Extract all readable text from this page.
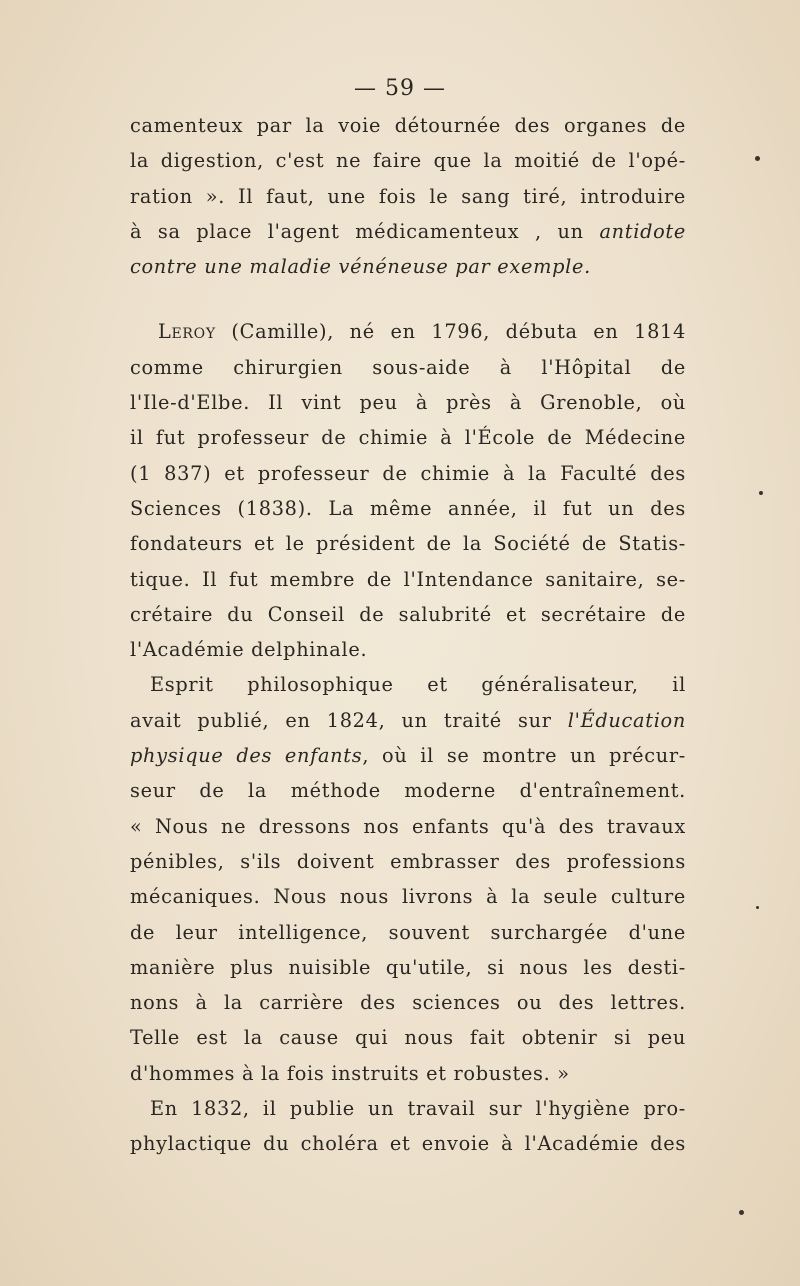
— 59 —

camenteux par la voie détournée des organes de
la digestion, c'est ne faire que la moitié de l'opé-
ration ». Il faut, une fois le sang tiré, introduire
à sa place l'agent médicamenteux , un antidote
contre une maladie vénéneuse par exemple.
Leroy (Camille), né en 1796, débuta en 1814
comme chirurgien sous-aide à l'Hôpital de
l'Ile-d'Elbe. Il vint peu à près à Grenoble, où
il fut professeur de chimie à l'École de Médecine
(1 837) et professeur de chimie à la Faculté des
Sciences (1838). La même année, il fut un des
fondateurs et le président de la Société de Statis-
tique. Il fut membre de l'Intendance sanitaire, se-
crétaire du Conseil de salubrité et secrétaire de
l'Académie delphinale.
Esprit philosophique et généralisateur, il
avait publié, en 1824, un traité sur l'Éducation
physique des enfants, où il se montre un précur-
seur de la méthode moderne d'entraînement.
« Nous ne dressons nos enfants qu'à des travaux
pénibles, s'ils doivent embrasser des professions
mécaniques. Nous nous livrons à la seule culture
de leur intelligence, souvent surchargée d'une
manière plus nuisible qu'utile, si nous les desti-
nons à la carrière des sciences ou des lettres.
Telle est la cause qui nous fait obtenir si peu
d'hommes à la fois instruits et robustes. »
En 1832, il publie un travail sur l'hygiène pro-
phylactique du choléra et envoie à l'Académie des
